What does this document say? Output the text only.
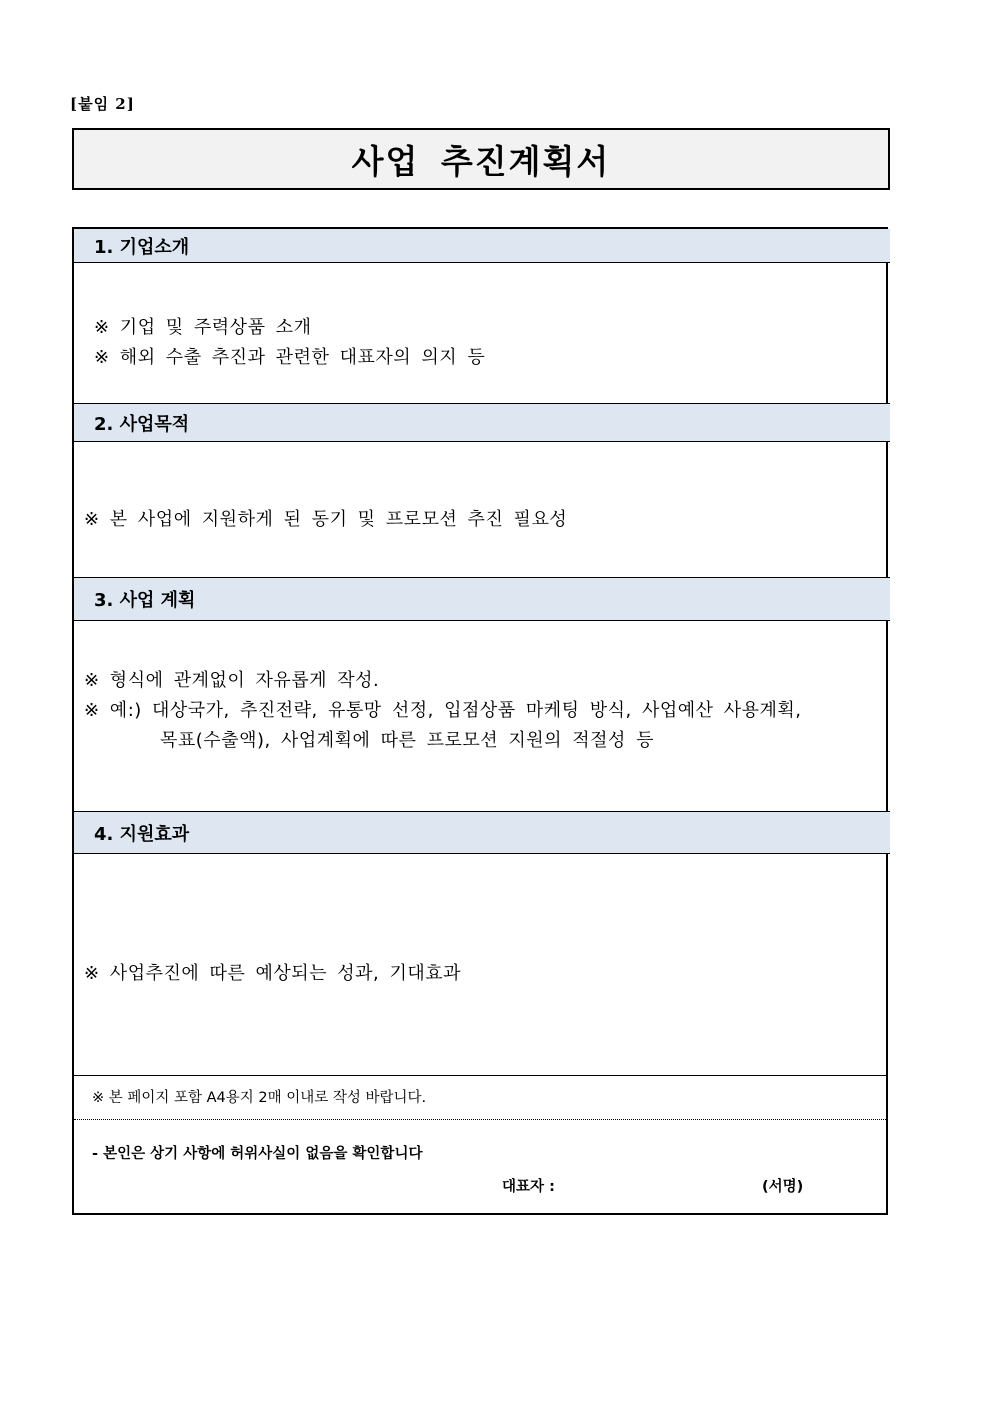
[붙임 2]
사업 추진계획서
1. 기업소개
※ 기업 및 주력상품 소개
※ 해외 수출 추진과 관련한 대표자의 의지 등
2. 사업목적
※ 본 사업에 지원하게 된 동기 및 프로모션 추진 필요성
3. 사업 계획
※ 형식에 관계없이 자유롭게 작성.
※ 예:) 대상국가, 추진전략, 유통망 선정, 입점상품 마케팅 방식, 사업예산 사용계획,
목표(수출액), 사업계획에 따른 프로모션 지원의 적절성 등
4. 지원효과
※ 사업추진에 따른 예상되는 성과, 기대효과
※ 본 페이지 포함 A4용지 2매 이내로 작성 바랍니다.
- 본인은 상기 사항에 허위사실이 없음을 확인합니다
대표자 :	(서명)
